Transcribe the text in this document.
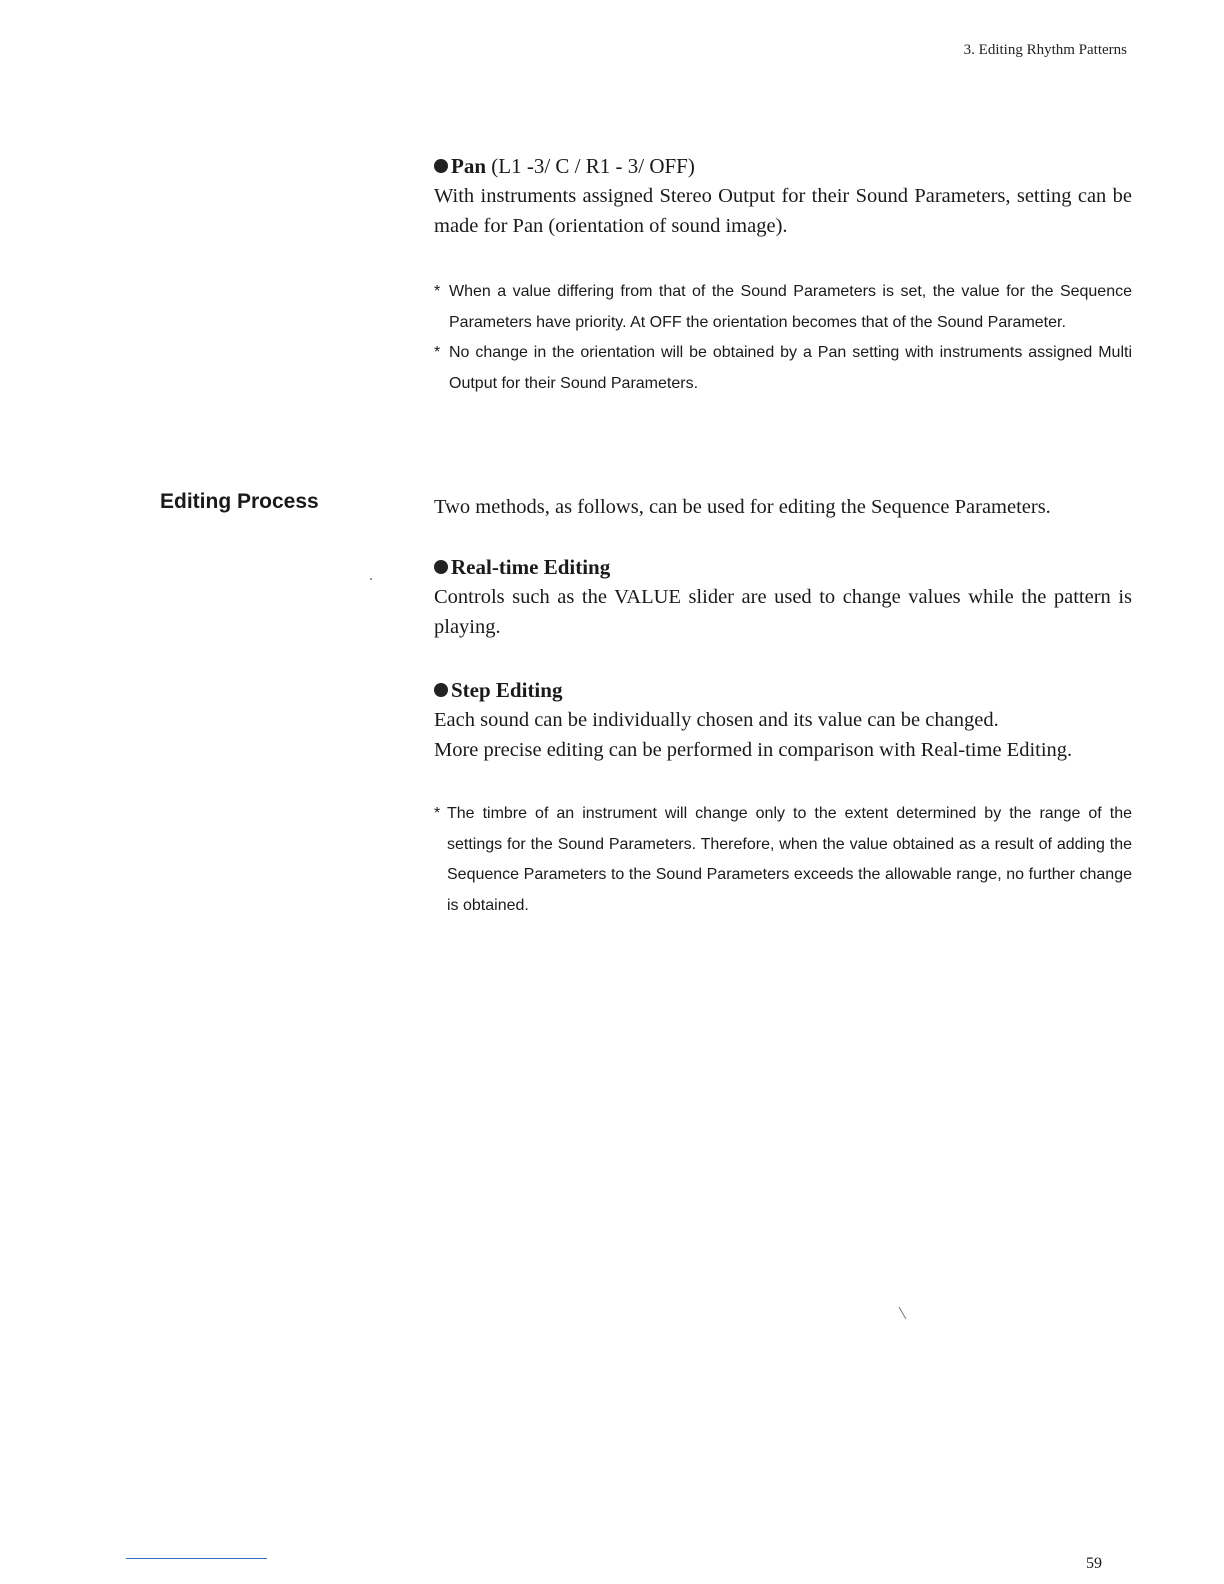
3. Editing Rhythm Patterns

Pan (L1 -3/ C / R1 - 3/ OFF)

With instruments assigned Stereo Output for their Sound Parameters, setting can be made for Pan (orientation of sound image).

* When a value differing from that of the Sound Parameters is set, the value for the Sequence Parameters have priority. At OFF the orientation becomes that of the Sound Parameter.

* No change in the orientation will be obtained by a Pan setting with instruments assigned Multi Output for their Sound Parameters.

Editing Process	Two methods, as follows, can be used for editing the Sequence Parameters.

Real-time Editing

Controls such as the VALUE slider are used to change values while the pattern is playing.

Step Editing

Each sound can be individually chosen and its value can be changed.

More precise editing can be performed in comparison with Real-time Editing.

* The timbre of an instrument will change only to the extent determined by the range of the settings for the Sound Parameters. Therefore, when the value obtained as a result of adding the Sequence Parameters to the Sound Parameters exceeds the allowable range, no further change is obtained.

59
